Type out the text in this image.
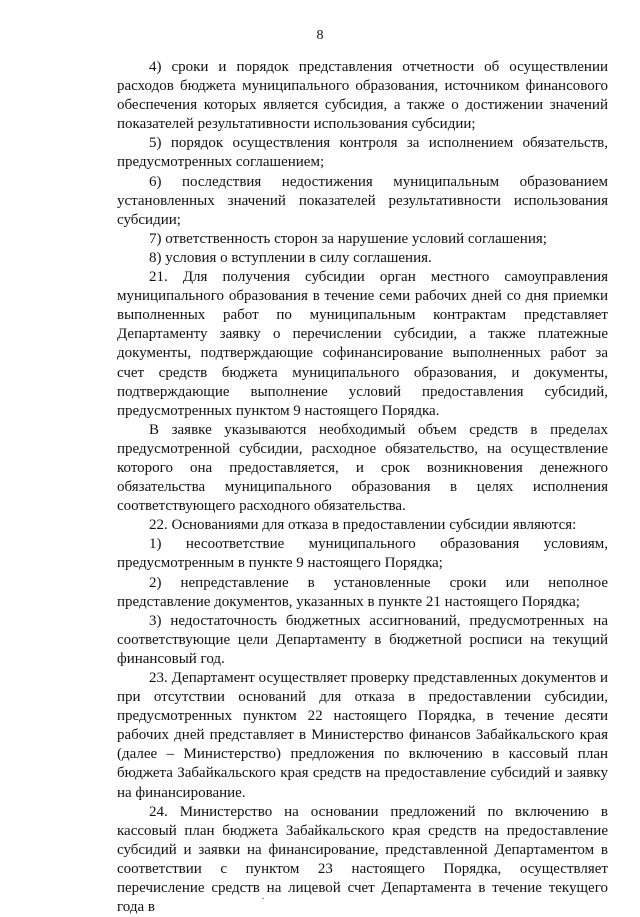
8

4) сроки и порядок представления отчетности об осуществлении расходов бюджета муниципального образования, источником финансового обеспечения которых является субсидия, а также о достижении значений показателей результативности использования субсидии;

5) порядок осуществления контроля за исполнением обязательств, предусмотренных соглашением;

6) последствия недостижения муниципальным образованием установленных значений показателей результативности использования субсидии;

7) ответственность сторон за нарушение условий соглашения;

8) условия о вступлении в силу соглашения.

21. Для получения субсидии орган местного самоуправления муниципального образования в течение семи рабочих дней со дня приемки выполненных работ по муниципальным контрактам представляет Департаменту заявку о перечислении субсидии, а также платежные документы, подтверждающие софинансирование выполненных работ за счет средств бюджета муниципального образования, и документы, подтверждающие выполнение условий предоставления субсидий, предусмотренных пунктом 9 настоящего Порядка.

В заявке указываются необходимый объем средств в пределах предусмотренной субсидии, расходное обязательство, на осуществление которого она предоставляется, и срок возникновения денежного обязательства муниципального образования в целях исполнения соответствующего расходного обязательства.

22. Основаниями для отказа в предоставлении субсидии являются:

1) несоответствие муниципального образования условиям, предусмотренным в пункте 9 настоящего Порядка;

2) непредставление в установленные сроки или неполное представление документов, указанных в пункте 21 настоящего Порядка;

3) недостаточность бюджетных ассигнований, предусмотренных на соответствующие цели Департаменту в бюджетной росписи на текущий финансовый год.

23. Департамент осуществляет проверку представленных документов и при отсутствии оснований для отказа в предоставлении субсидии, предусмотренных пунктом 22 настоящего Порядка, в течение десяти рабочих дней представляет в Министерство финансов Забайкальского края (далее – Министерство) предложения по включению в кассовый план бюджета Забайкальского края средств на предоставление субсидий и заявку на финансирование.

24. Министерство на основании предложений по включению в кассовый план бюджета Забайкальского края средств на предоставление субсидий и заявки на финансирование, представленной Департаментом в соответствии с пунктом 23 настоящего Порядка, осуществляет перечисление средств на лицевой счет Департамента в течение текущего года в
